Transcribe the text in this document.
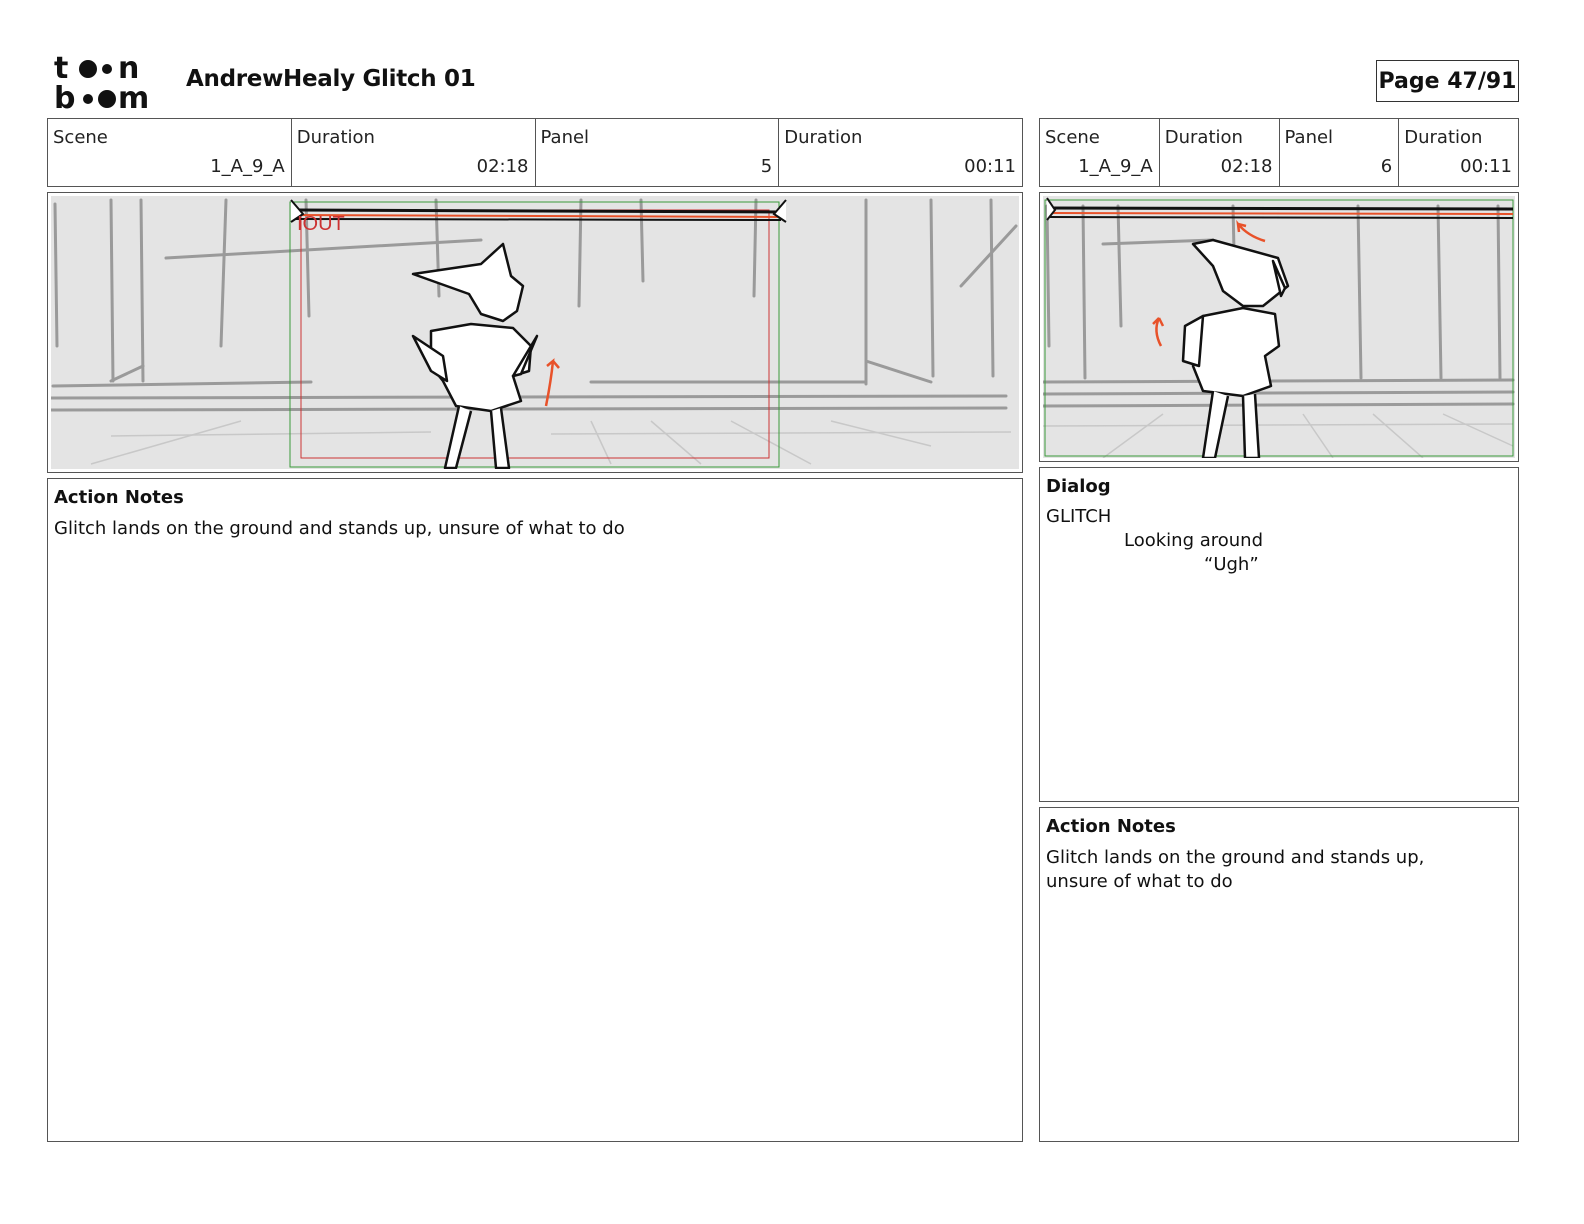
t n
b m
AndrewHealy Glitch 01	Page 47/91
Scene
1_A_9_A
Duration
02:18
Panel
5
Duration
00:11
Scene
1_A_9_A
Duration
02:18
Panel
6
Duration
00:11
IOUT
Action Notes
Glitch lands on the ground and stands up, unsure of what to do
Dialog
GLITCH
Looking around
“Ugh”
Action Notes
Glitch lands on the ground and stands up,
unsure of what to do
